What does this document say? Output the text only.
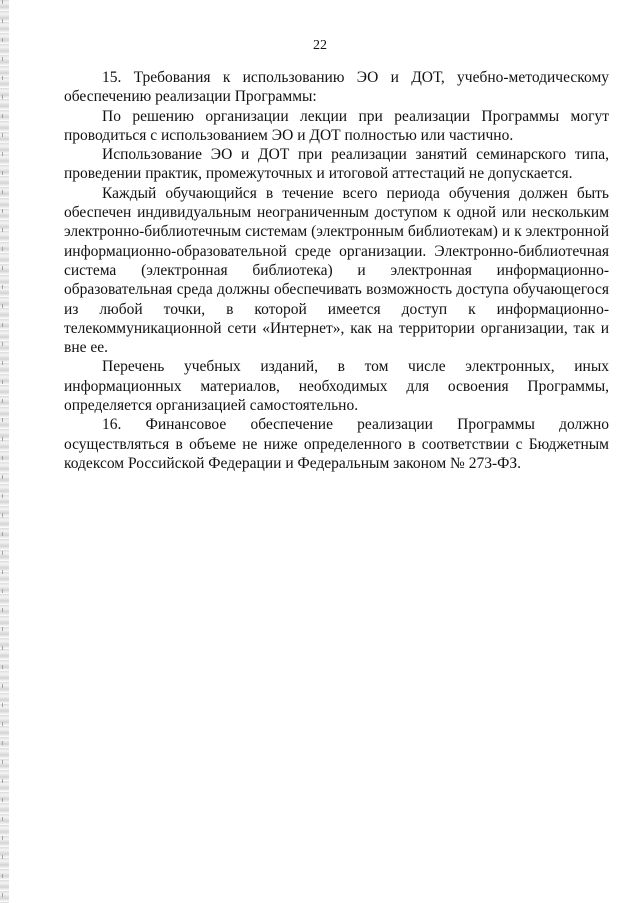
22

15. Требования к использованию ЭО и ДОТ, учебно-методическому обеспечению реализации Программы:

По решению организации лекции при реализации Программы могут проводиться с использованием ЭО и ДОТ полностью или частично.

Использование ЭО и ДОТ при реализации занятий семинарского типа, проведении практик, промежуточных и итоговой аттестаций не допускается.

Каждый обучающийся в течение всего периода обучения должен быть обеспечен индивидуальным неограниченным доступом к одной или нескольким электронно-библиотечным системам (электронным библиотекам) и к электронной информационно-образовательной среде организации. Электронно-библиотечная система (электронная библиотека) и электронная информационно-образовательная среда должны обеспечивать возможность доступа обучающегося из любой точки, в которой имеется доступ к информационно-телекоммуникационной сети «Интернет», как на территории организации, так и вне ее.

Перечень учебных изданий, в том числе электронных, иных информационных материалов, необходимых для освоения Программы, определяется организацией самостоятельно.

16. Финансовое обеспечение реализации Программы должно осуществляться в объеме не ниже определенного в соответствии с Бюджетным кодексом Российской Федерации и Федеральным законом № 273-ФЗ.
